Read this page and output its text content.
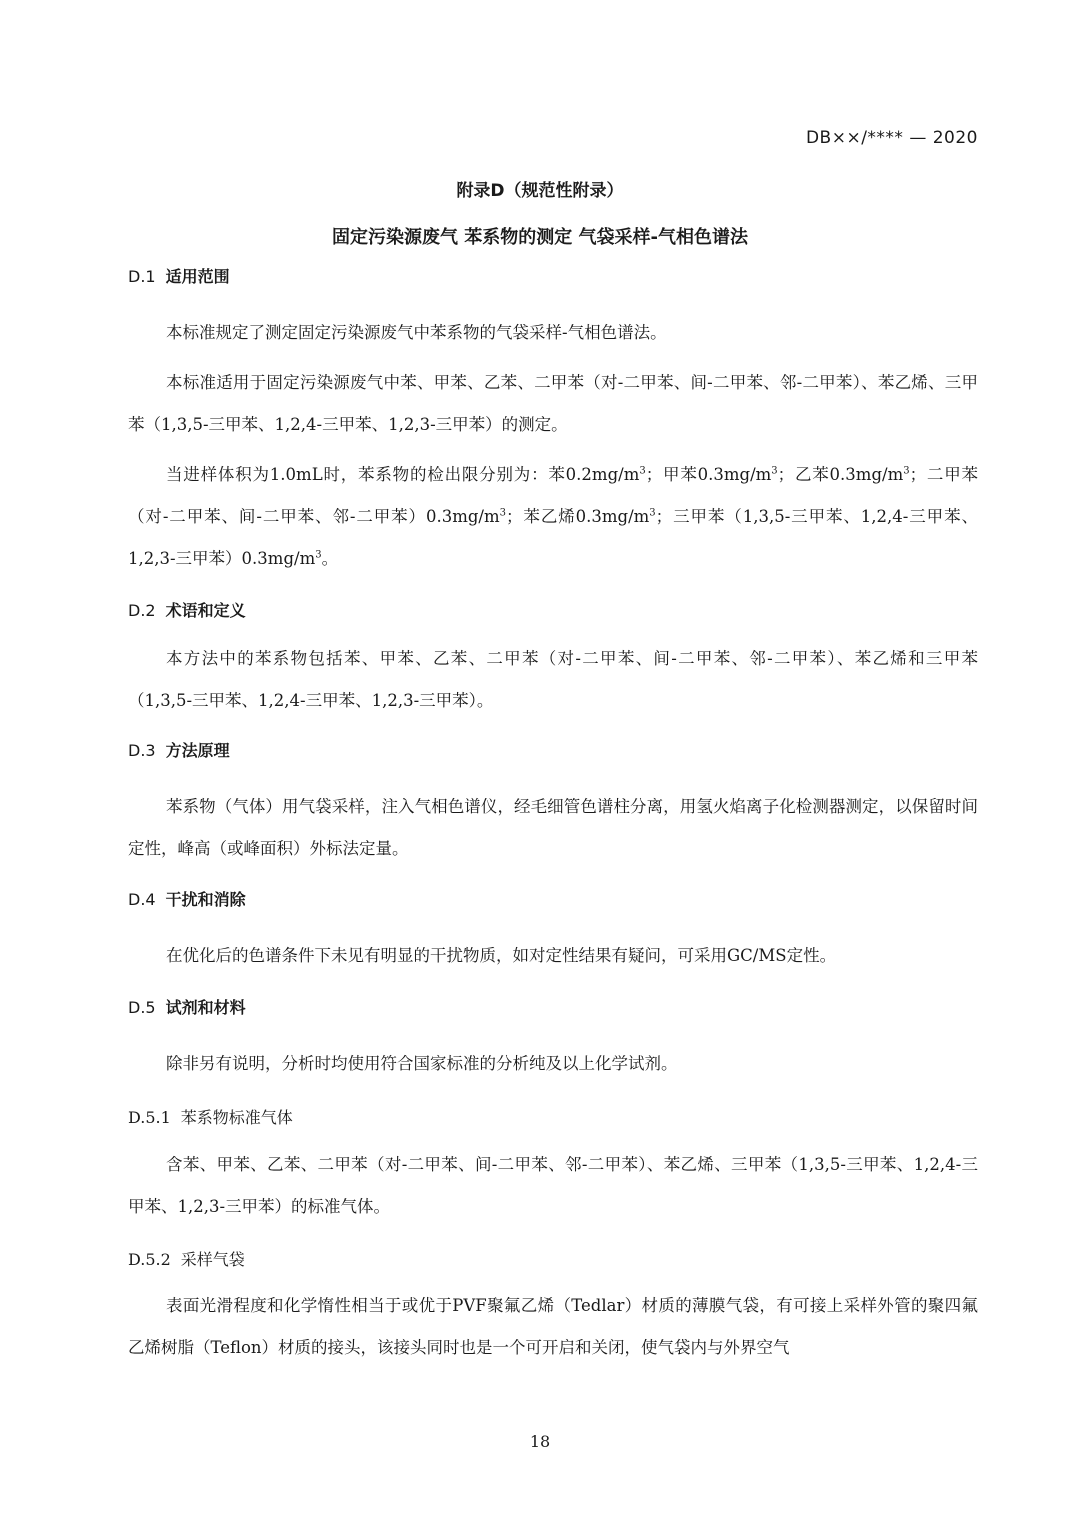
DB××/**** — 2020
附录D（规范性附录）
固定污染源废气 苯系物的测定 气袋采样-气相色谱法
D.1 适用范围

本标准规定了测定固定污染源废气中苯系物的气袋采样-气相色谱法。

本标准适用于固定污染源废气中苯、甲苯、乙苯、二甲苯（对-二甲苯、间-二甲苯、邻-二甲苯）、苯乙烯、三甲苯（1,3,5-三甲苯、1,2,4-三甲苯、1,2,3-三甲苯）的测定。

当进样体积为1.0mL时，苯系物的检出限分别为：苯$0.2mg/m^3$；甲苯$0.3mg/m^3$；乙苯$0.3mg/m^3$；二甲苯（对-二甲苯、间-二甲苯、邻-二甲苯）$0.3mg/m^3$；苯乙烯$0.3mg/m^3$；三甲苯（1,3,5-三甲苯、1,2,4-三甲苯、1,2,3-三甲苯）$0.3mg/m^3$。

D.2 术语和定义

本方法中的苯系物包括苯、甲苯、乙苯、二甲苯（对-二甲苯、间-二甲苯、邻-二甲苯）、苯乙烯和三甲苯（1,3,5-三甲苯、1,2,4-三甲苯、1,2,3-三甲苯）。

D.3 方法原理

苯系物（气体）用气袋采样，注入气相色谱仪，经毛细管色谱柱分离，用氢火焰离子化检测器测定，以保留时间定性，峰高（或峰面积）外标法定量。

D.4 干扰和消除

在优化后的色谱条件下未见有明显的干扰物质，如对定性结果有疑问，可采用GC/MS定性。

D.5 试剂和材料

除非另有说明，分析时均使用符合国家标准的分析纯及以上化学试剂。

D.5.1 苯系物标准气体

含苯、甲苯、乙苯、二甲苯（对-二甲苯、间-二甲苯、邻-二甲苯）、苯乙烯、三甲苯（1,3,5-三甲苯、1,2,4-三甲苯、1,2,3-三甲苯）的标准气体。

D.5.2 采样气袋

表面光滑程度和化学惰性相当于或优于PVF聚氟乙烯（Tedlar）材质的薄膜气袋，有可接上采样外管的聚四氟乙烯树脂（Teflon）材质的接头，该接头同时也是一个可开启和关闭，使气袋内与外界空气

18
